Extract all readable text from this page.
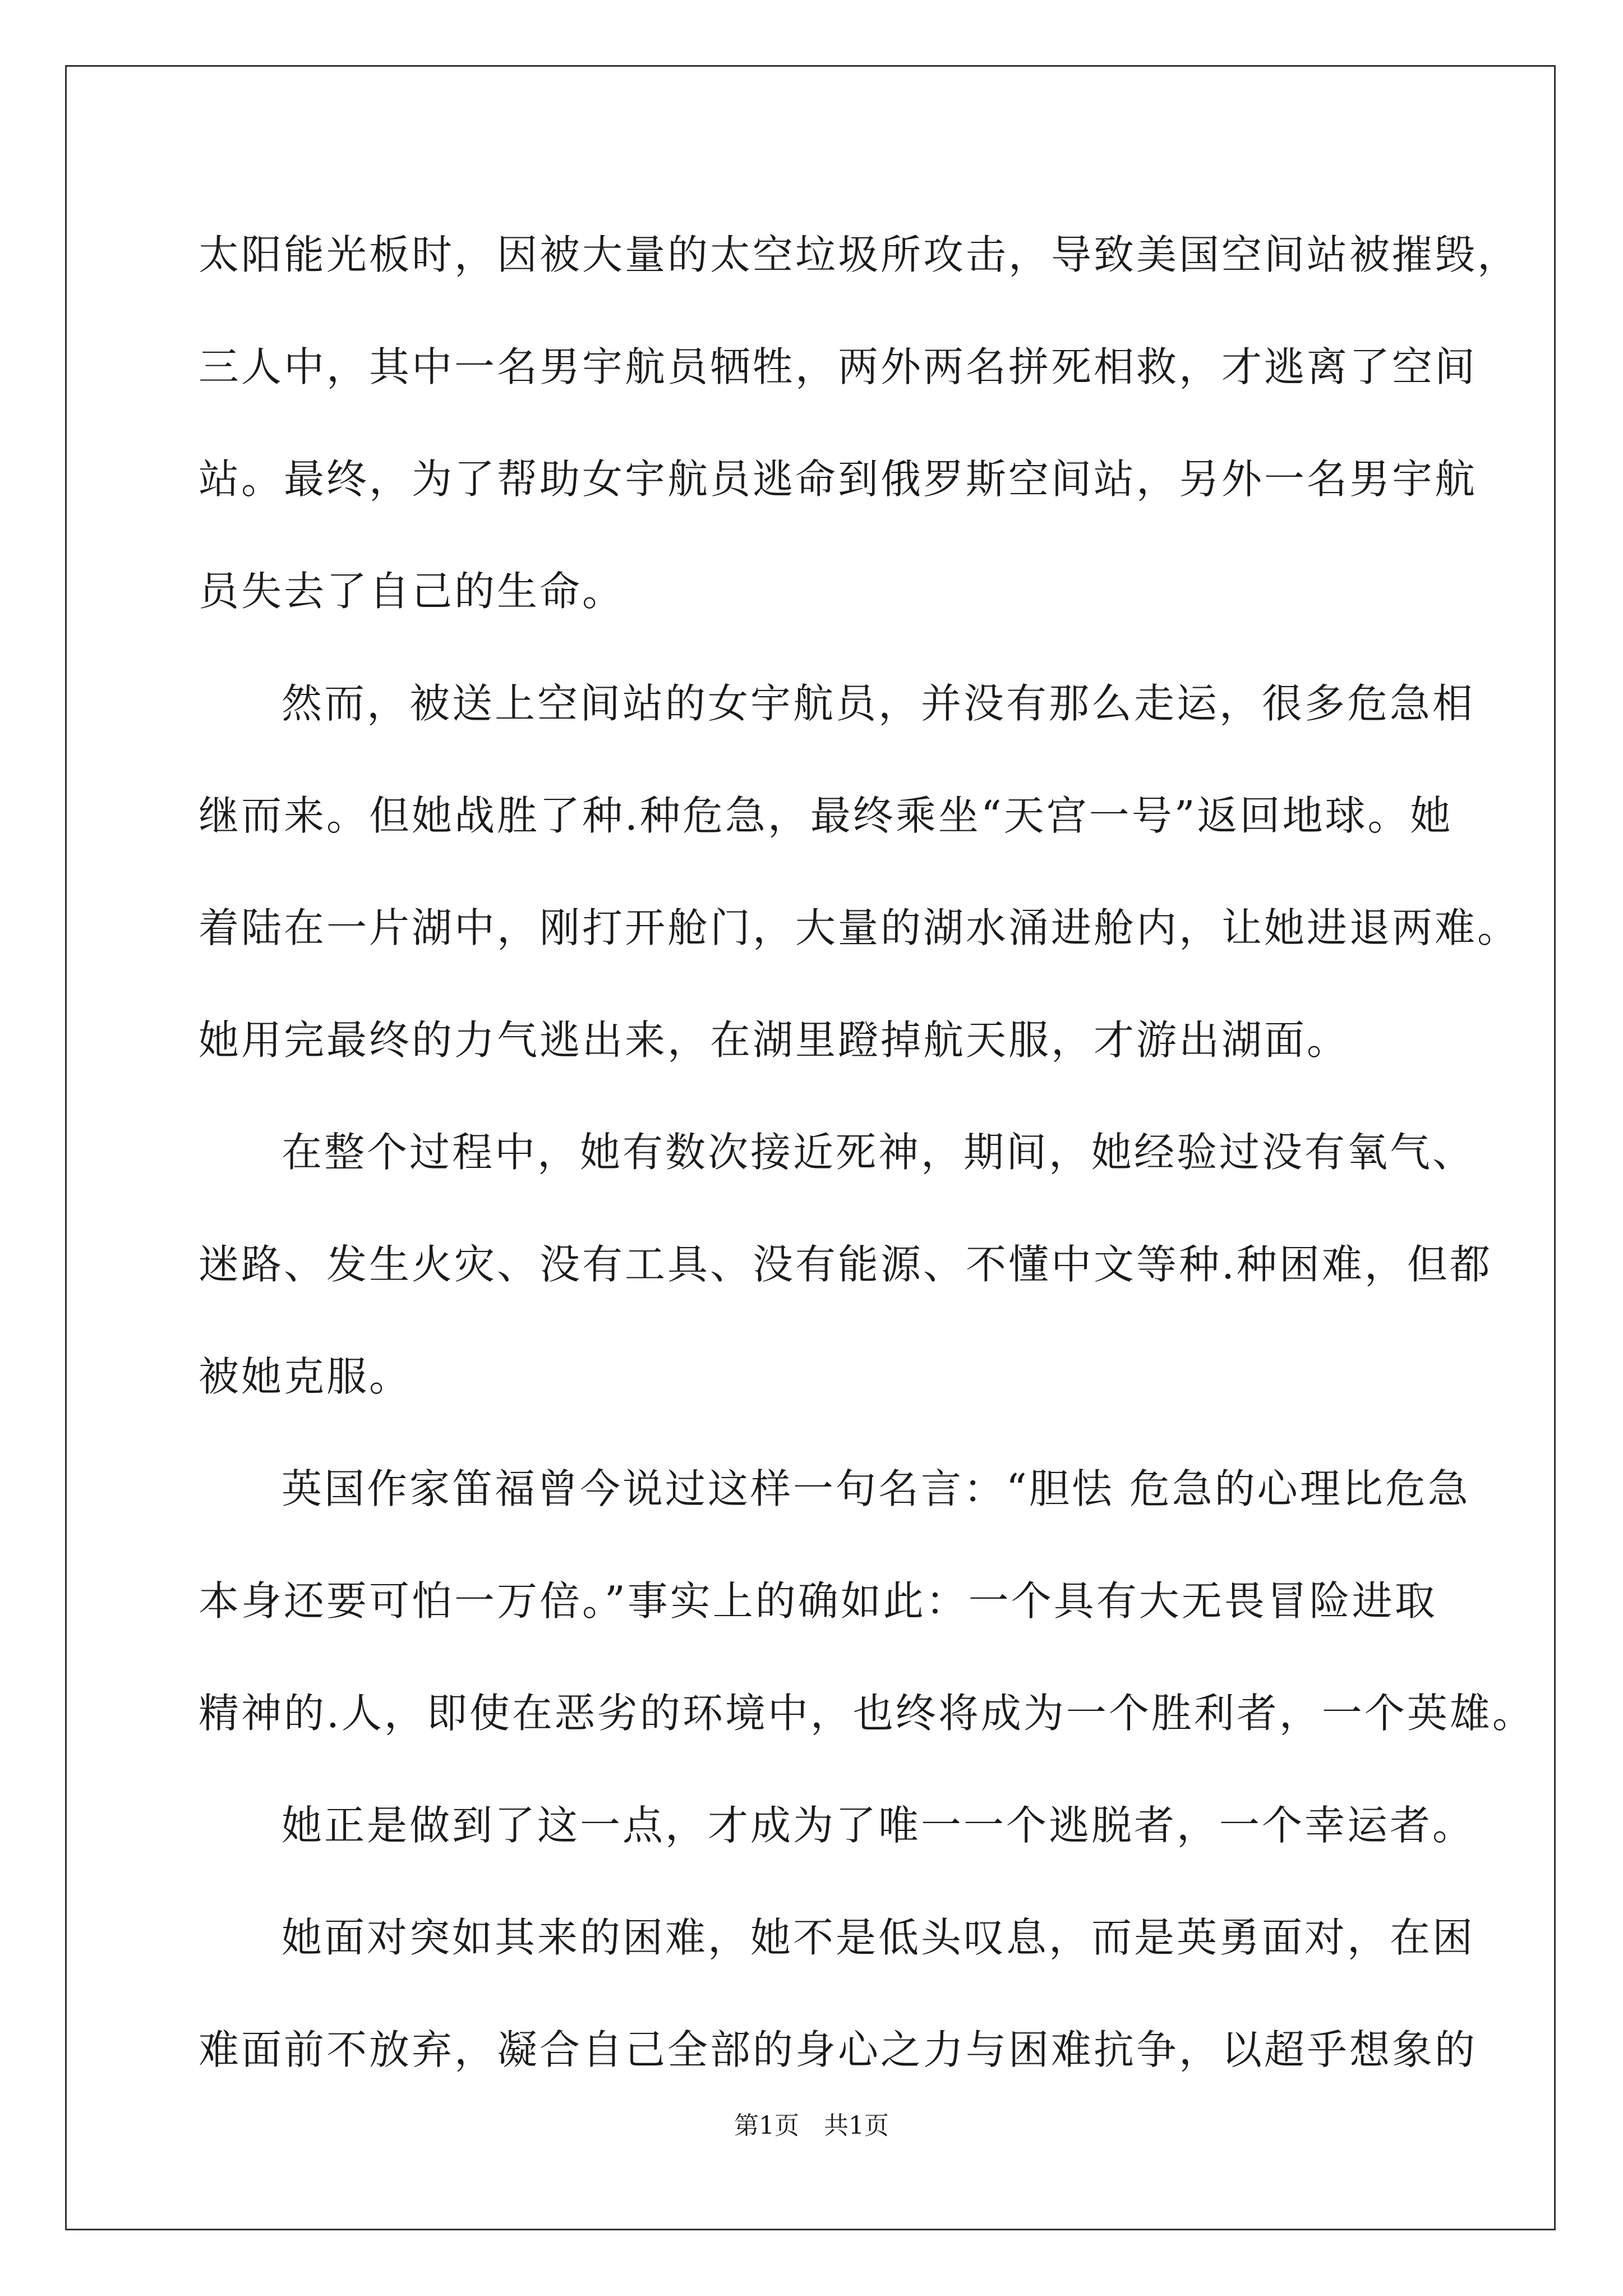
太阳能光板时，因被大量的太空垃圾所攻击，导致美国空间站被摧毁，
三人中，其中一名男宇航员牺牲，两外两名拼死相救，才逃离了空间
站。最终，为了帮助女宇航员逃命到俄罗斯空间站，另外一名男宇航
员失去了自己的生命。
然而，被送上空间站的女宇航员，并没有那么走运，很多危急相
继而来。但她战胜了种.种危急，最终乘坐“天宫一号”返回地球。她
着陆在一片湖中，刚打开舱门，大量的湖水涌进舱内，让她进退两难。
她用完最终的力气逃出来，在湖里蹬掉航天服，才游出湖面。
在整个过程中，她有数次接近死神，期间，她经验过没有氧气、
迷路、发生火灾、没有工具、没有能源、不懂中文等种.种困难，但都
被她克服。
英国作家笛福曾今说过这样一句名言：“胆怯 危急的心理比危急
本身还要可怕一万倍。”事实上的确如此：一个具有大无畏冒险进取
精神的.人，即使在恶劣的环境中，也终将成为一个胜利者，一个英雄。
她正是做到了这一点，才成为了唯一一个逃脱者，一个幸运者。
她面对突如其来的困难，她不是低头叹息，而是英勇面对，在困
难面前不放弃，凝合自己全部的身心之力与困难抗争，以超乎想象的
第1页 共1页
